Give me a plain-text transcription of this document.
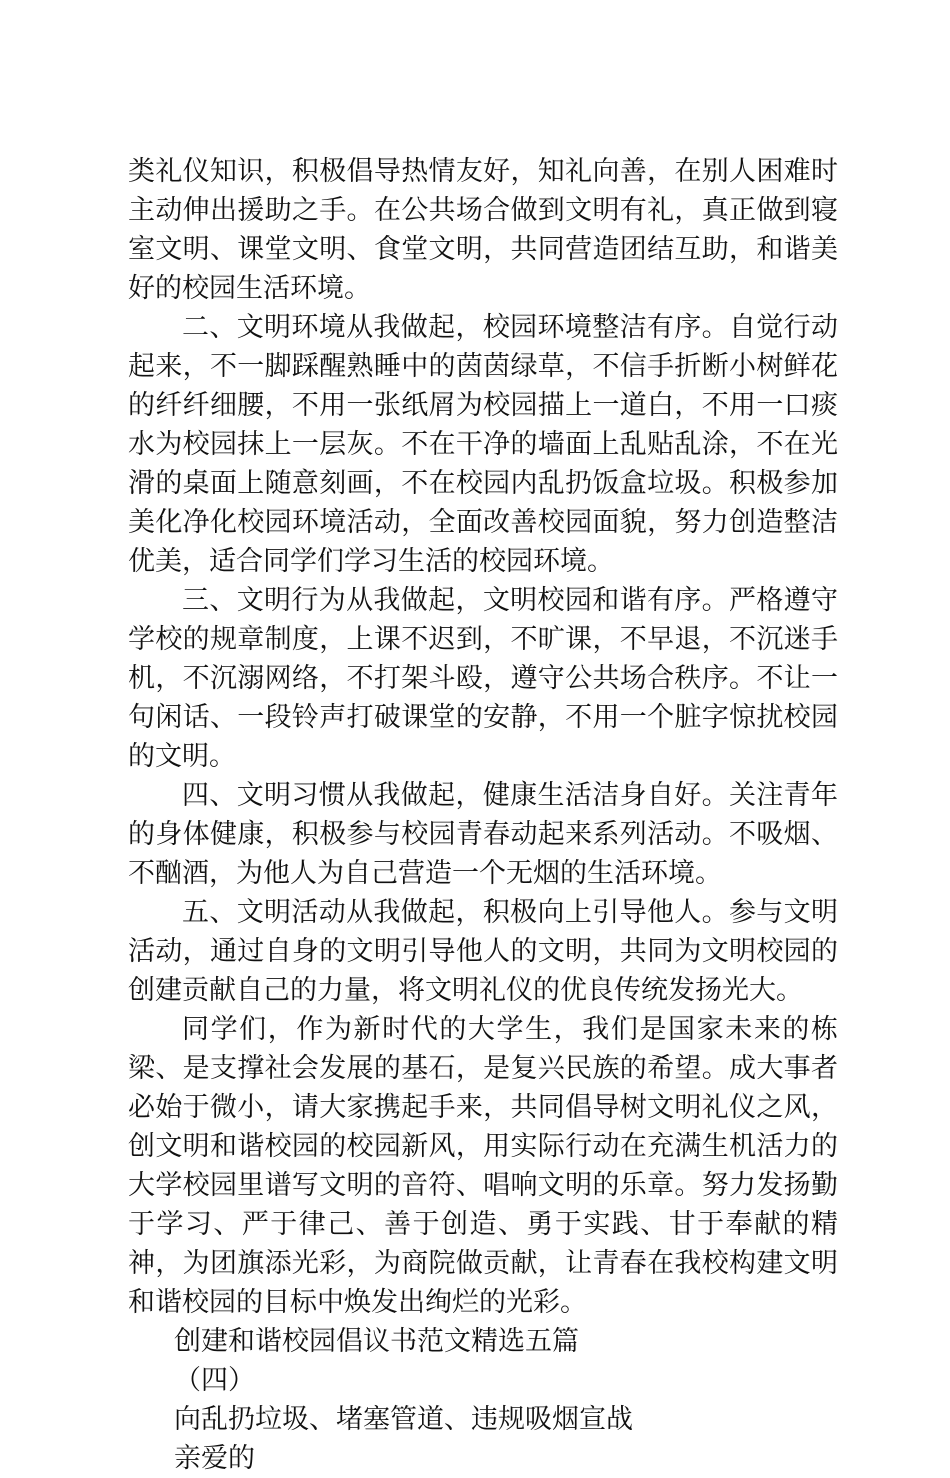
类礼仪知识，积极倡导热情友好，知礼向善，在别人困难时主动伸出援助之手。在公共场合做到文明有礼，真正做到寝室文明、课堂文明、食堂文明，共同营造团结互助，和谐美好的校园生活环境。

二、文明环境从我做起，校园环境整洁有序。自觉行动起来，不一脚踩醒熟睡中的茵茵绿草，不信手折断小树鲜花的纤纤细腰，不用一张纸屑为校园描上一道白，不用一口痰水为校园抹上一层灰。不在干净的墙面上乱贴乱涂，不在光滑的桌面上随意刻画，不在校园内乱扔饭盒垃圾。积极参加美化净化校园环境活动，全面改善校园面貌，努力创造整洁优美，适合同学们学习生活的校园环境。

三、文明行为从我做起，文明校园和谐有序。严格遵守学校的规章制度，上课不迟到，不旷课，不早退，不沉迷手机，不沉溺网络，不打架斗殴，遵守公共场合秩序。不让一句闲话、一段铃声打破课堂的安静，不用一个脏字惊扰校园的文明。

四、文明习惯从我做起，健康生活洁身自好。关注青年的身体健康，积极参与校园青春动起来系列活动。不吸烟、不酗酒，为他人为自己营造一个无烟的生活环境。

五、文明活动从我做起，积极向上引导他人。参与文明活动，通过自身的文明引导他人的文明，共同为文明校园的创建贡献自己的力量，将文明礼仪的优良传统发扬光大。

同学们，作为新时代的大学生，我们是国家未来的栋梁、是支撑社会发展的基石，是复兴民族的希望。成大事者必始于微小，请大家携起手来，共同倡导树文明礼仪之风，创文明和谐校园的校园新风，用实际行动在充满生机活力的大学校园里谱写文明的音符、唱响文明的乐章。努力发扬勤于学习、严于律己、善于创造、勇于实践、甘于奉献的精神，为团旗添光彩，为商院做贡献，让青春在我校构建文明和谐校园的目标中焕发出绚烂的光彩。

创建和谐校园倡议书范文精选五篇

（四）

向乱扔垃圾、堵塞管道、违规吸烟宣战

亲爱的
